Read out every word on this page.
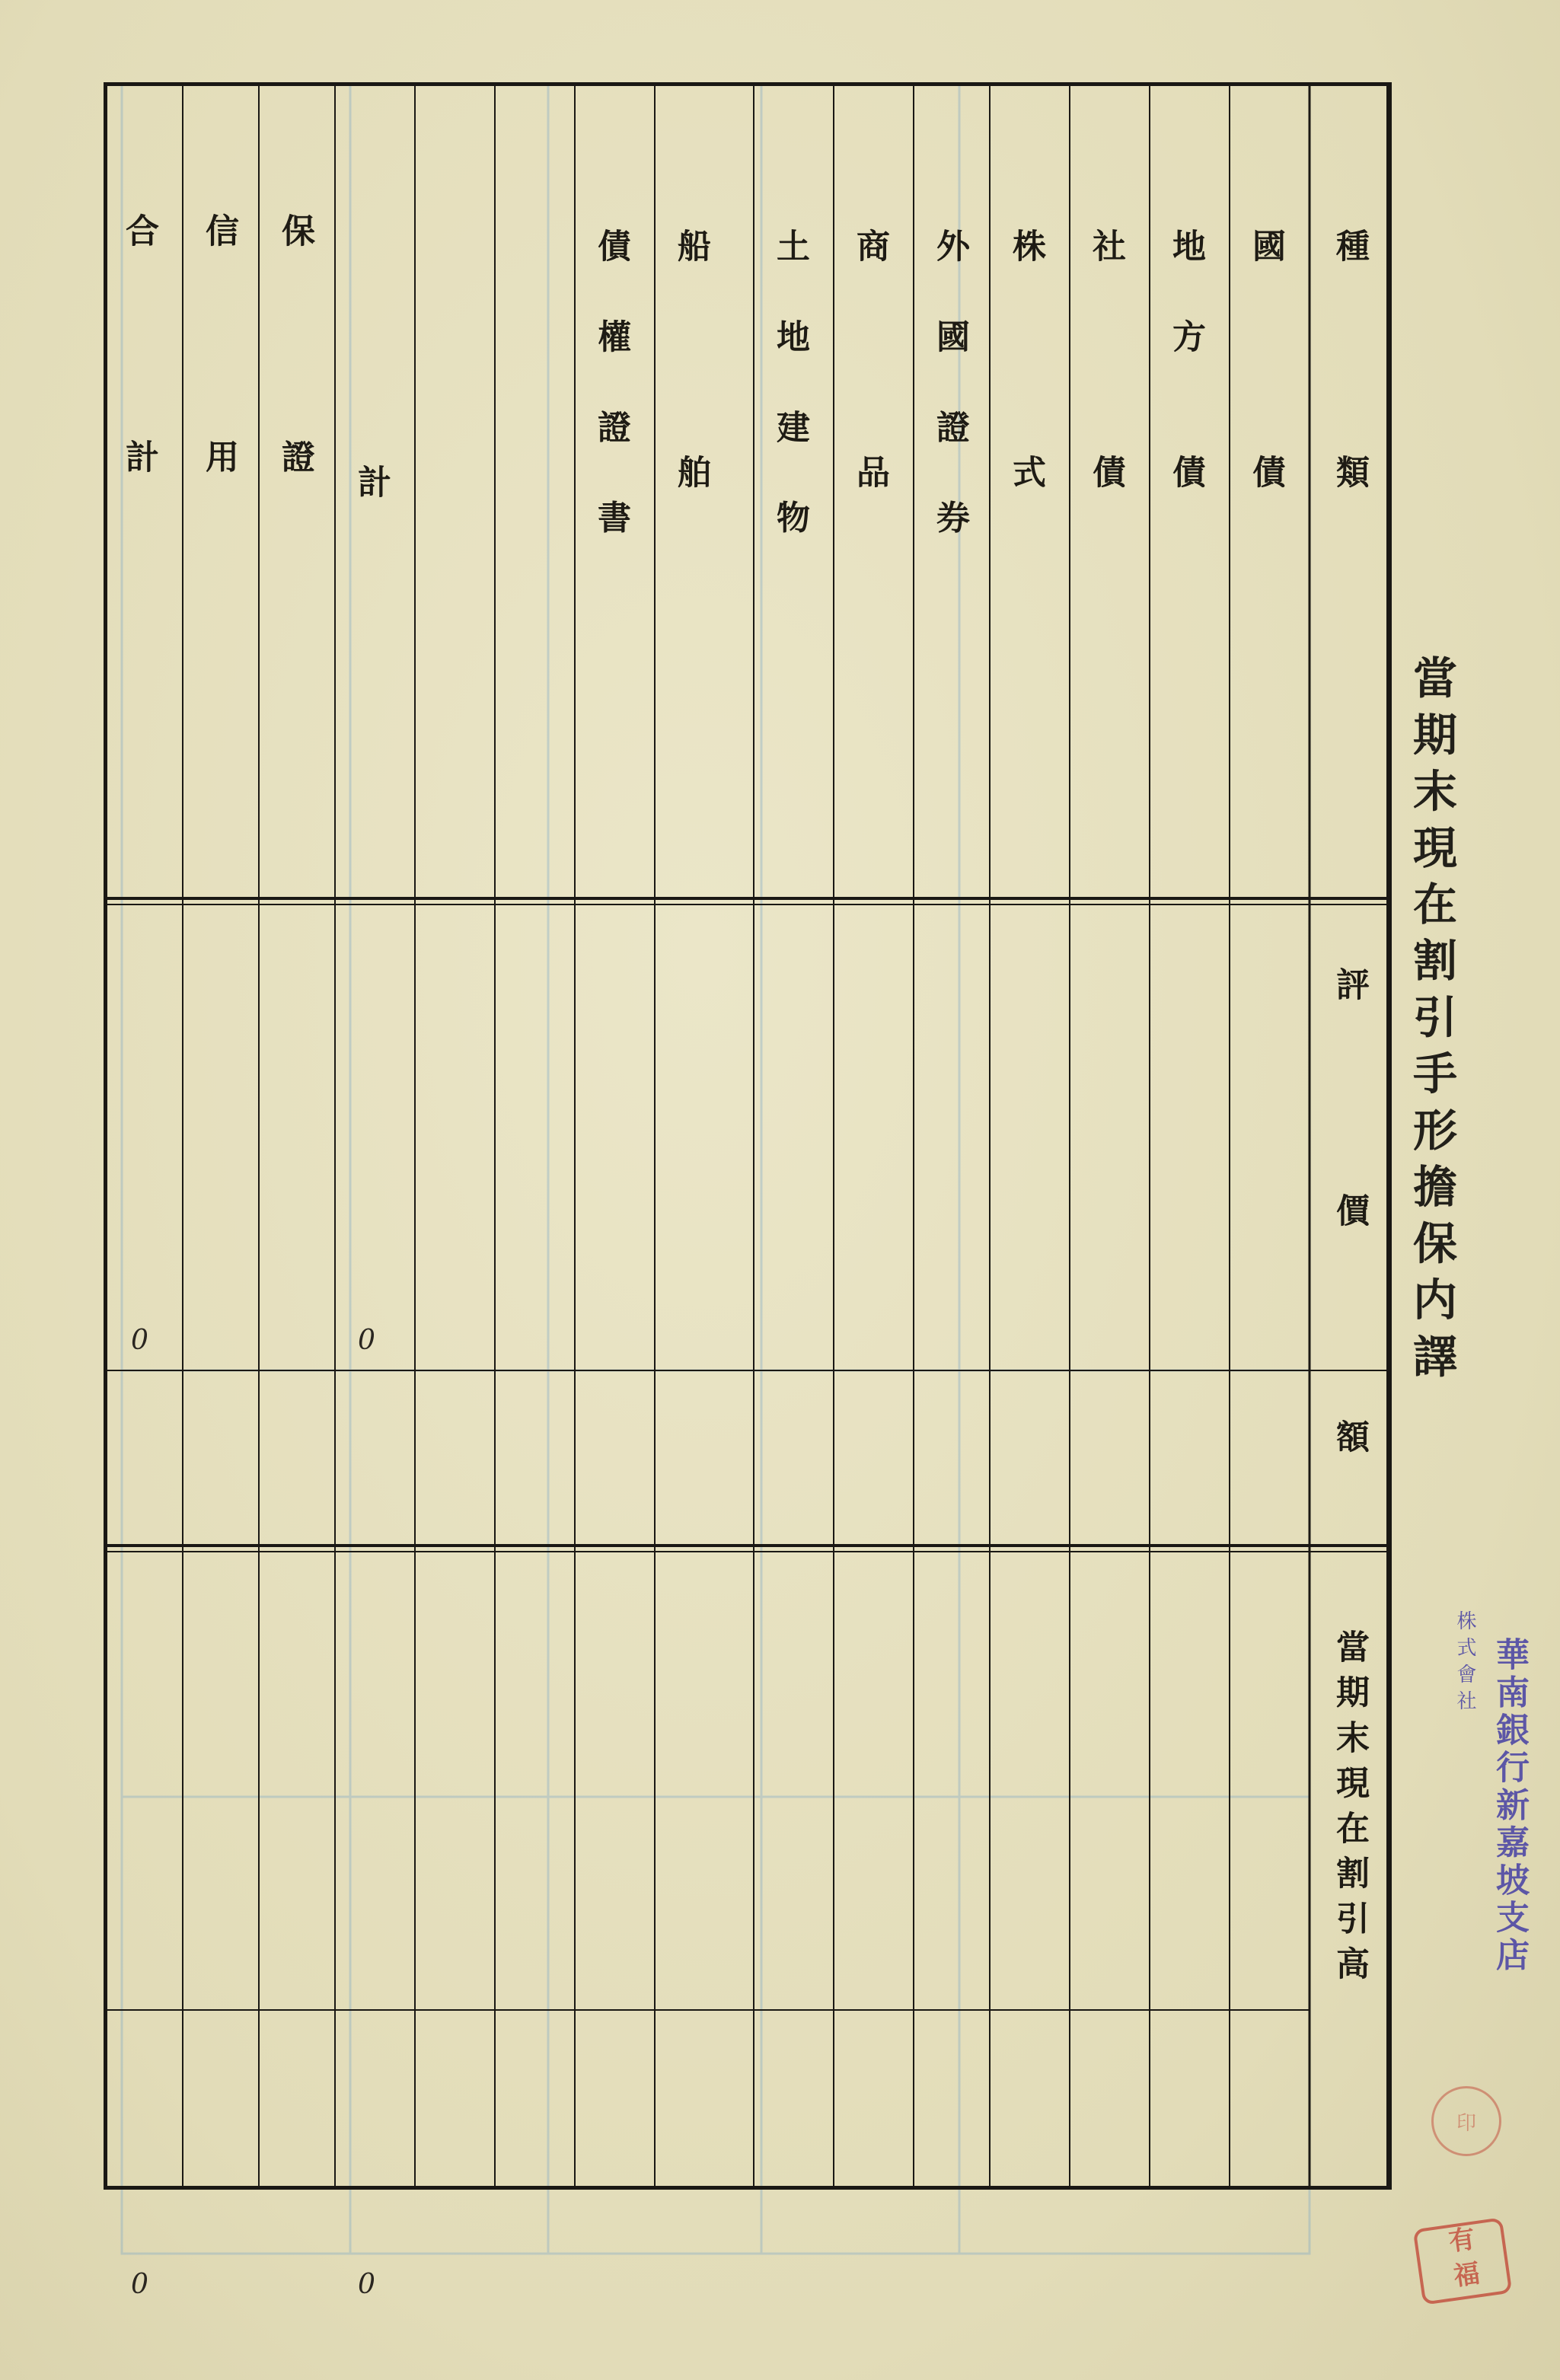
當期末現在割引手形擔保内譯
株式會社 華南銀行新嘉坡支店
種　　　　類
評　　　　價　　　　額
當期末現在割引高
國　　　　債
地　方　　債
社　　　　債
株　　　　式
外　國　證　券
商　　　　品
土　地　建　物
船　　　　舶
債　權　證　書
計
保　　　　證
信　　　　用
合　　　　計
0
0
0
0	有福
印
